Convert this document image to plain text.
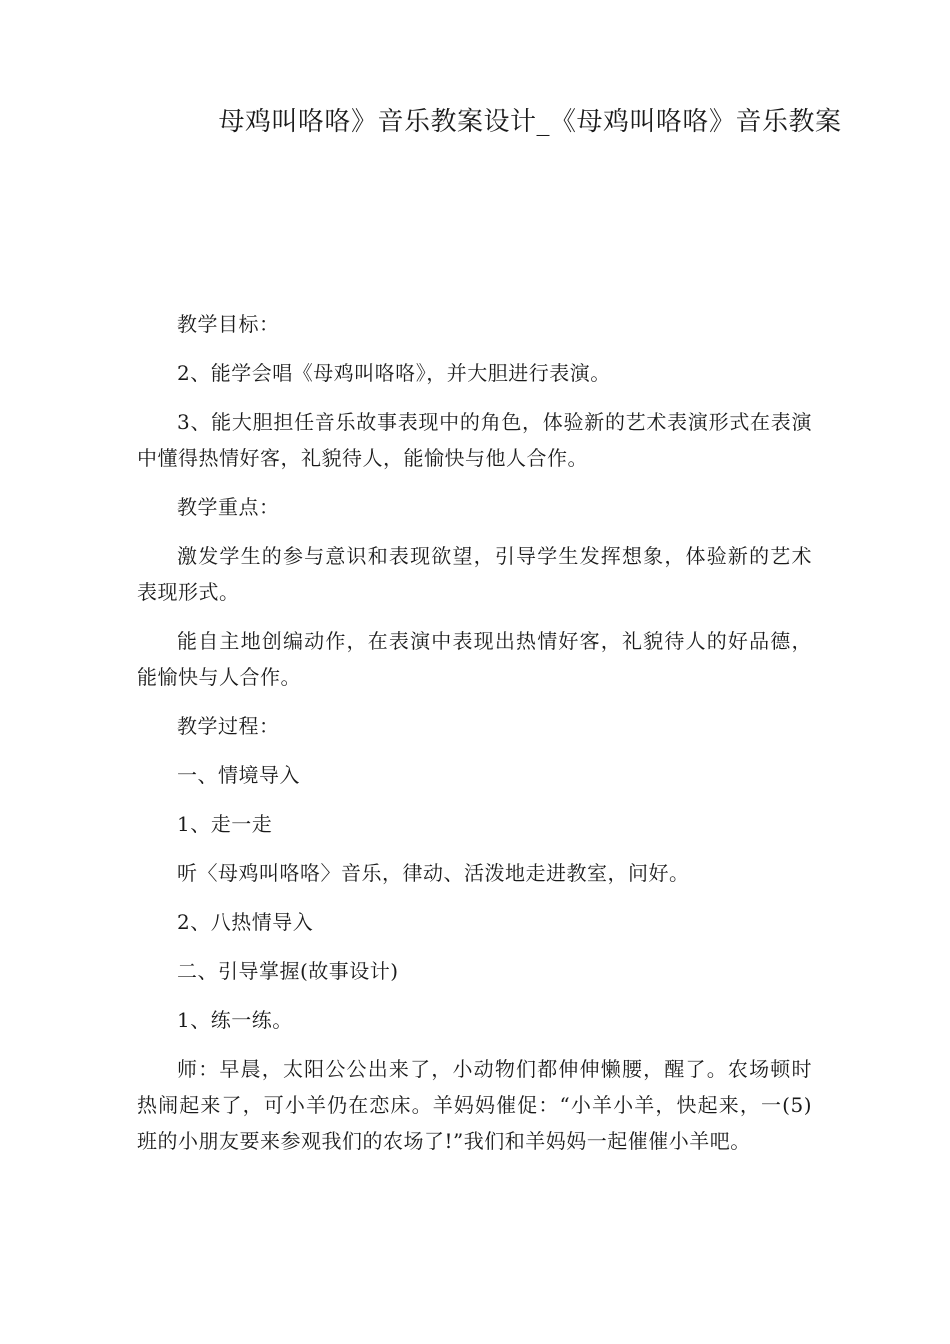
母鸡叫咯咯》音乐教案设计_《母鸡叫咯咯》音乐教案

教学目标：

2、能学会唱《母鸡叫咯咯》，并大胆进行表演。

3、能大胆担任音乐故事表现中的角色，体验新的艺术表演形式在表演中懂得热情好客，礼貌待人，能愉快与他人合作。

教学重点：

激发学生的参与意识和表现欲望，引导学生发挥想象，体验新的艺术表现形式。

能自主地创编动作，在表演中表现出热情好客，礼貌待人的好品德，能愉快与人合作。

教学过程：

一、情境导入

1、走一走

听〈母鸡叫咯咯〉音乐，律动、活泼地走进教室，问好。

2、八热情导入

二、引导掌握(故事设计)

1、练一练。

师：早晨，太阳公公出来了，小动物们都伸伸懒腰，醒了。农场顿时热闹起来了，可小羊仍在恋床。羊妈妈催促：“小羊小羊，快起来，一(5)班的小朋友要来参观我们的农场了!”我们和羊妈妈一起催催小羊吧。
